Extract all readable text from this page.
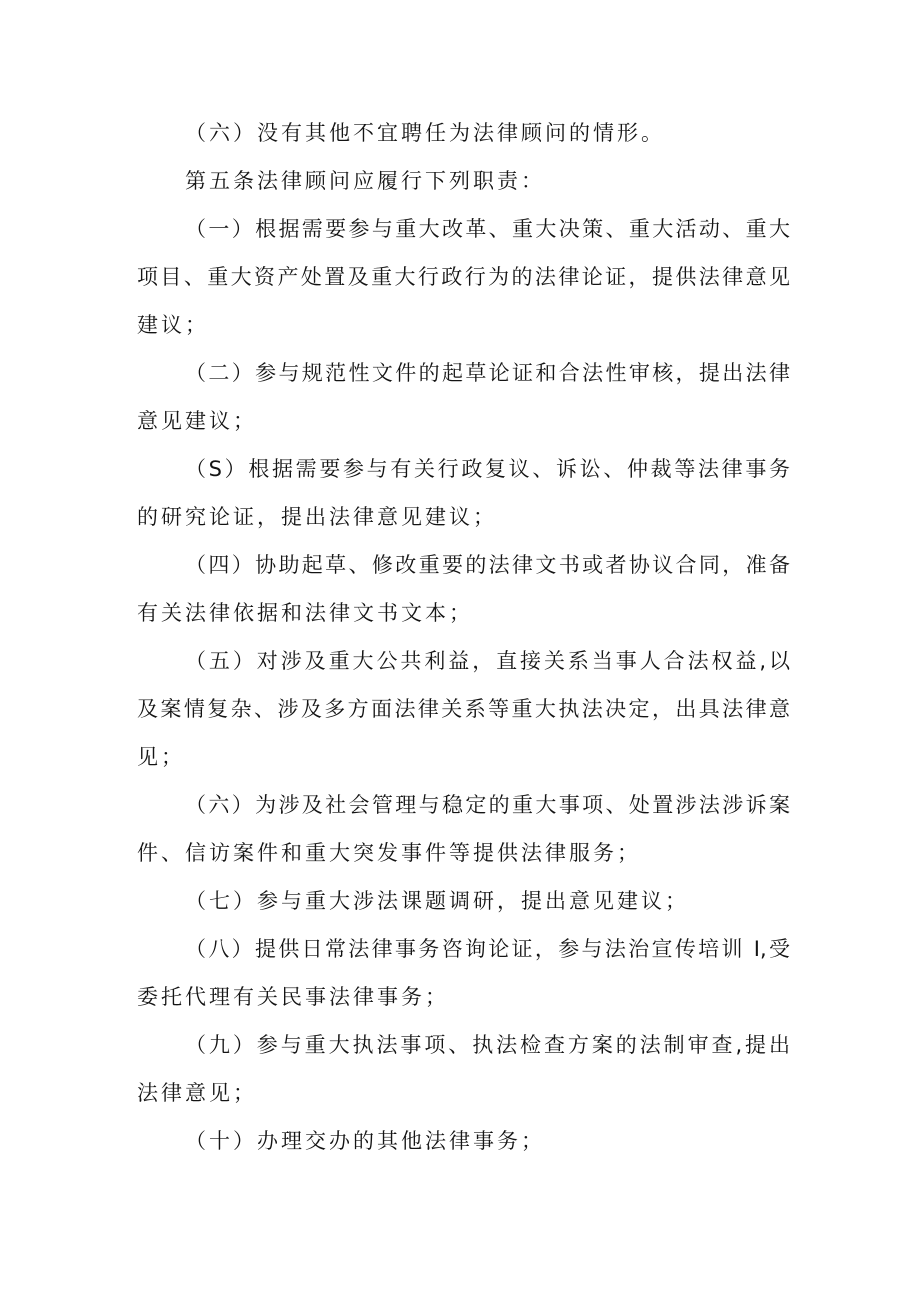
（六）没有其他不宜聘任为法律顾问的情形。
第五条法律顾问应履行下列职责：
（一）根据需要参与重大改革、重大决策、重大活动、重大
项目、重大资产处置及重大行政行为的法律论证，提供法律意见
建议；
（二）参与规范性文件的起草论证和合法性审核，提出法律
意见建议；
（S）根据需要参与有关行政复议、诉讼、仲裁等法律事务
的研究论证，提出法律意见建议；
（四）协助起草、修改重要的法律文书或者协议合同，准备
有关法律依据和法律文书文本；
（五）对涉及重大公共利益，直接关系当事人合法权益,以
及案情复杂、涉及多方面法律关系等重大执法决定，出具法律意
见；
（六）为涉及社会管理与稳定的重大事项、处置涉法涉诉案
件、信访案件和重大突发事件等提供法律服务；
（七）参与重大涉法课题调研，提出意见建议；
（八）提供日常法律事务咨询论证，参与法治宣传培训 I,受
委托代理有关民事法律事务；
（九）参与重大执法事项、执法检查方案的法制审查,提出
法律意见；
（十）办理交办的其他法律事务；
